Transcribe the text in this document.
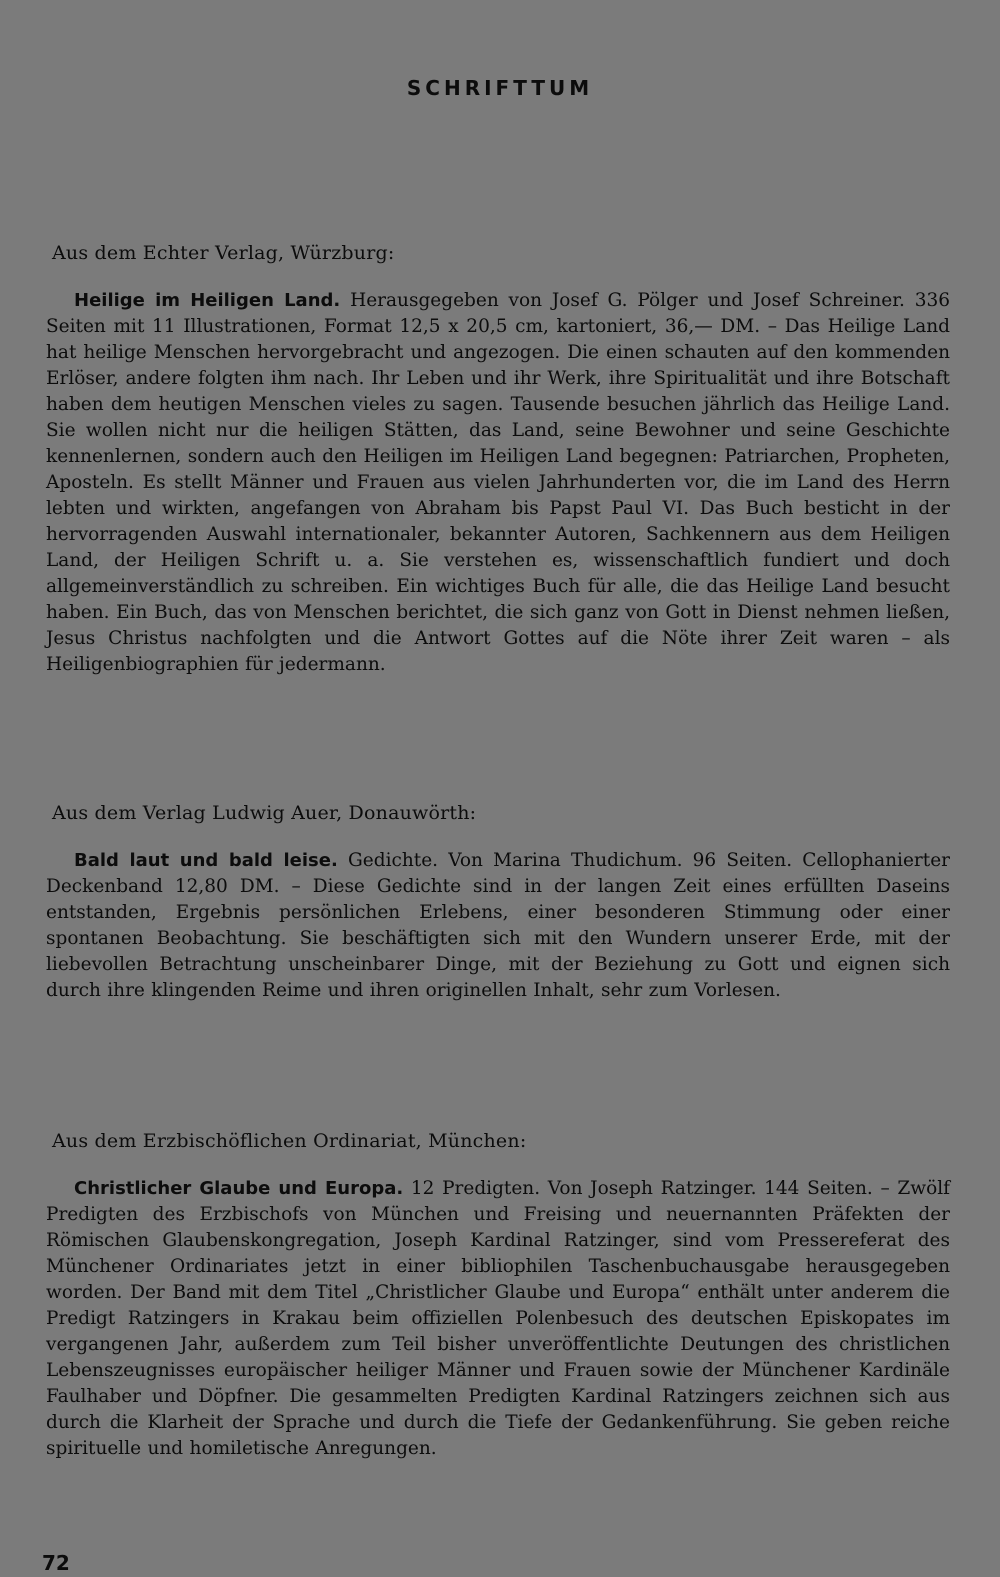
SCHRIFTTUM

Aus dem Echter Verlag, Würzburg:

Heilige im Heiligen Land. Herausgegeben von Josef G. Pölger und Josef Schreiner. 336 Seiten mit 11 Illustrationen, Format 12,5 x 20,5 cm, kartoniert, 36,— DM. – Das Heilige Land hat heilige Menschen hervorgebracht und angezogen. Die einen schauten auf den kommenden Erlöser, andere folgten ihm nach. Ihr Leben und ihr Werk, ihre Spiritualität und ihre Botschaft haben dem heutigen Menschen vieles zu sagen. Tausende besuchen jährlich das Heilige Land. Sie wollen nicht nur die heiligen Stätten, das Land, seine Bewohner und seine Geschichte kennenlernen, sondern auch den Heiligen im Heiligen Land begegnen: Patriarchen, Propheten, Aposteln. Es stellt Männer und Frauen aus vielen Jahrhunderten vor, die im Land des Herrn lebten und wirkten, angefangen von Abraham bis Papst Paul VI. Das Buch besticht in der hervorragenden Auswahl internationaler, bekannter Autoren, Sachkennern aus dem Heiligen Land, der Heiligen Schrift u. a. Sie verstehen es, wissenschaftlich fundiert und doch allgemeinverständlich zu schreiben. Ein wichtiges Buch für alle, die das Heilige Land besucht haben. Ein Buch, das von Menschen berichtet, die sich ganz von Gott in Dienst nehmen ließen, Jesus Christus nachfolgten und die Antwort Gottes auf die Nöte ihrer Zeit waren – als Heiligenbiographien für jedermann.

Aus dem Verlag Ludwig Auer, Donauwörth:

Bald laut und bald leise. Gedichte. Von Marina Thudichum. 96 Seiten. Cellophanierter Deckenband 12,80 DM. – Diese Gedichte sind in der langen Zeit eines erfüllten Daseins entstanden, Ergebnis persönlichen Erlebens, einer besonderen Stimmung oder einer spontanen Beobachtung. Sie beschäftigten sich mit den Wundern unserer Erde, mit der liebevollen Betrachtung unscheinbarer Dinge, mit der Beziehung zu Gott und eignen sich durch ihre klingenden Reime und ihren originellen Inhalt, sehr zum Vorlesen.

Aus dem Erzbischöflichen Ordinariat, München:

Christlicher Glaube und Europa. 12 Predigten. Von Joseph Ratzinger. 144 Seiten. – Zwölf Predigten des Erzbischofs von München und Freising und neuernannten Präfekten der Römischen Glaubenskongregation, Joseph Kardinal Ratzinger, sind vom Pressereferat des Münchener Ordinariates jetzt in einer bibliophilen Taschenbuchausgabe herausgegeben worden. Der Band mit dem Titel „Christlicher Glaube und Europa“ enthält unter anderem die Predigt Ratzingers in Krakau beim offiziellen Polenbesuch des deutschen Episkopates im vergangenen Jahr, außerdem zum Teil bisher unveröffentlichte Deutungen des christlichen Lebenszeugnisses europäischer heiliger Männer und Frauen sowie der Münchener Kardinäle Faulhaber und Döpfner. Die gesammelten Predigten Kardinal Ratzingers zeichnen sich aus durch die Klarheit der Sprache und durch die Tiefe der Gedankenführung. Sie geben reiche spirituelle und homiletische Anregungen.

72
